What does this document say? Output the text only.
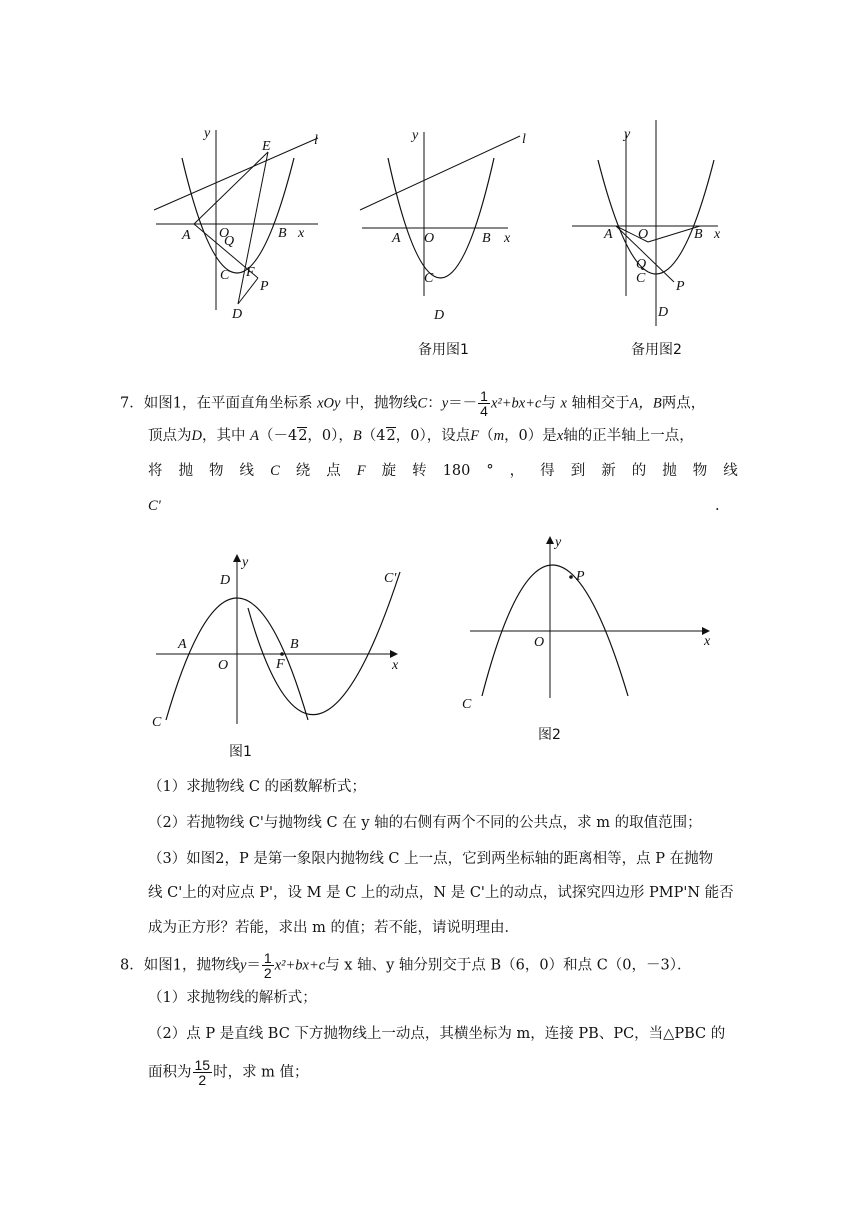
y	l
E
A O
Q
B x
C F
P
D
y	l
A O	B x
C
D
备用图1
y
A O	B x
Q
C
P
D
备用图2
7．如图1，在平面直角坐标系 xOy 中，抛物线C：$y=- \frac{1}{4} x^2+bx+c$与 x 轴相交于A，B两点，
顶点为D，其中 A（－42，0），B（42，0），设点F（m，0）是x轴的正半轴上一点，
将 抛 物 线 C 绕 点 F 旋 转 180 ° ， 得 到 新 的 抛 物 线
C'	.
D
y
C'
A	B
O	F	x
C
图1
y
P
O	x
C
图2
（1）求抛物线 C 的函数解析式；
（2）若抛物线 C'与抛物线 C 在 y 轴的右侧有两个不同的公共点，求 m 的取值范围；
（3）如图2，P 是第一象限内抛物线 C 上一点，它到两坐标轴的距离相等，点 P 在抛物
线 C'上的对应点 P'，设 M 是 C 上的动点，N 是 C'上的动点，试探究四边形 PMP'N 能否
成为正方形？若能，求出 m 的值；若不能，请说明理由．
8．如图1，抛物线$y= \frac{1}{2} x^2+bx+c$与 x 轴、y 轴分别交于点 B（6，0）和点 C（0，－3）．
（1）求抛物线的解析式；
（2）点 P 是直线 BC 下方抛物线上一动点，其横坐标为 m，连接 PB、PC，当△PBC 的
面积为 $\frac{15}{2}$ 时，求 m 值；
